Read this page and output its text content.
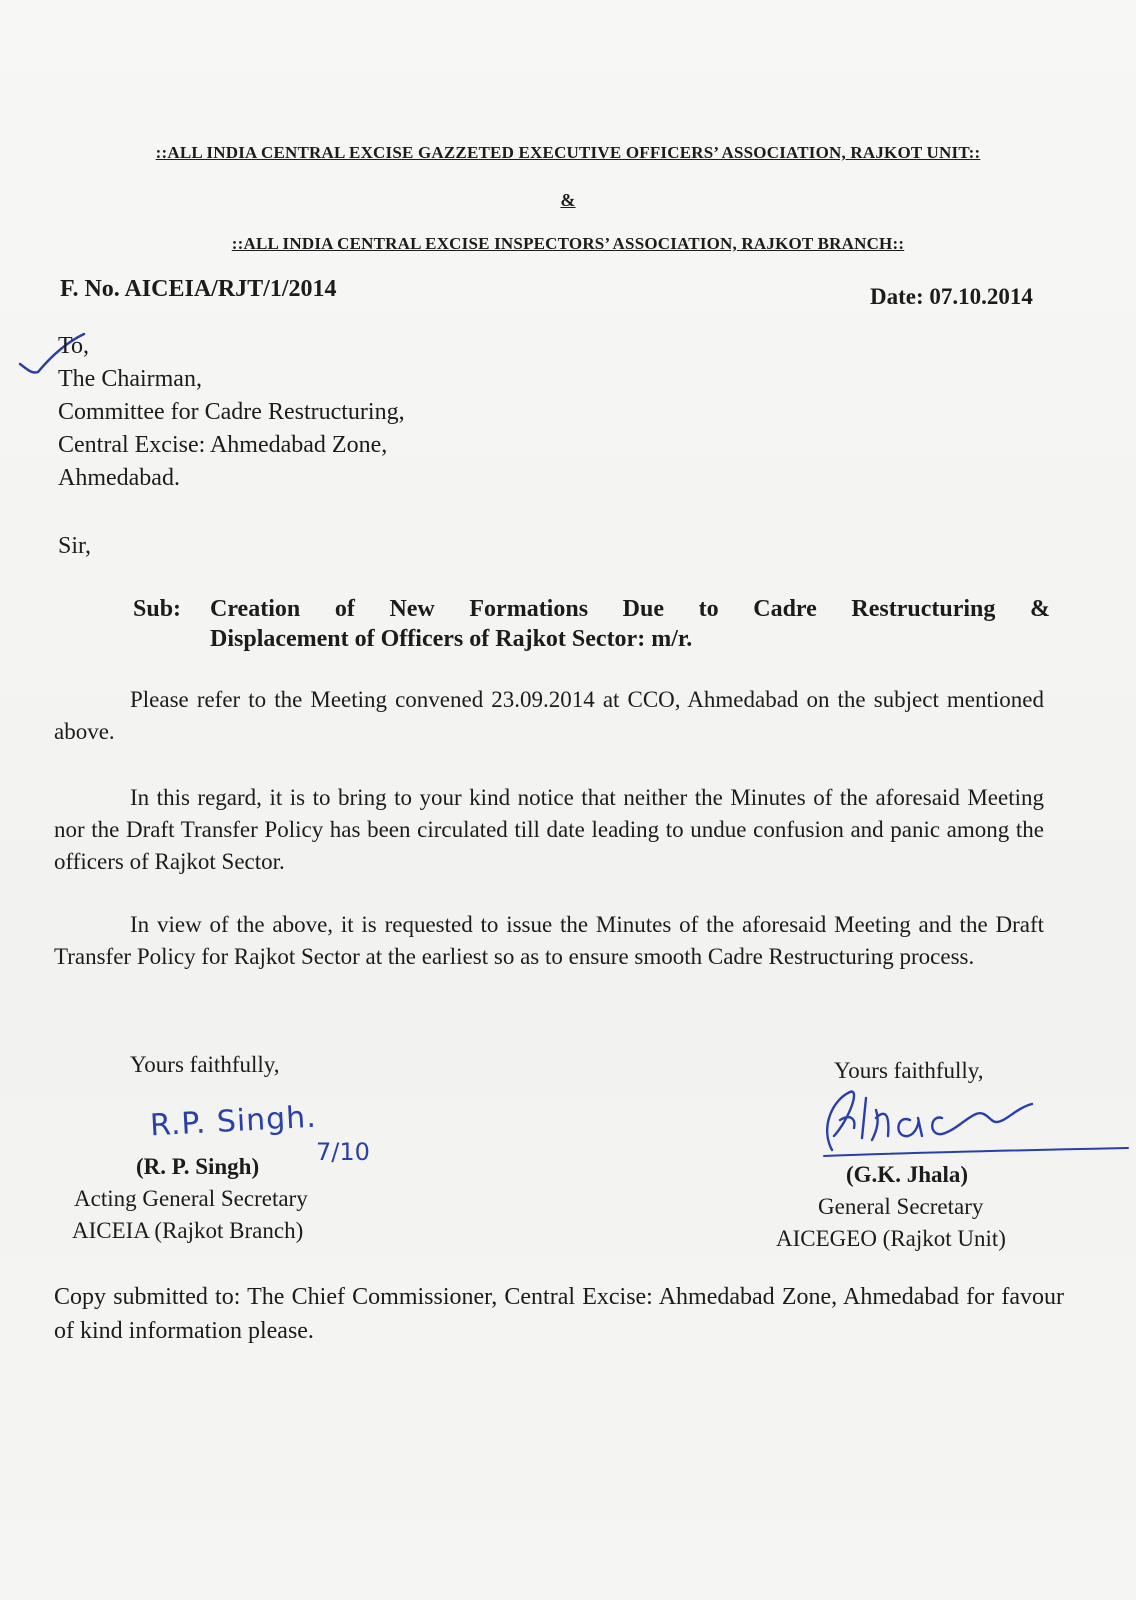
::ALL INDIA CENTRAL EXCISE GAZZETED EXECUTIVE OFFICERS’ ASSOCIATION, RAJKOT UNIT::
&
::ALL INDIA CENTRAL EXCISE INSPECTORS’ ASSOCIATION, RAJKOT BRANCH::
F. No. AICEIA/RJT/1/2014	Date: 07.10.2014
To,
The Chairman,
Committee for Cadre Restructuring,
Central Excise: Ahmedabad Zone,
Ahmedabad.
Sir,
Sub: Creation of New Formations Due to Cadre Restructuring &
Displacement of Officers of Rajkot Sector: m/r.
Please refer to the Meeting convened 23.09.2014 at CCO, Ahmedabad on the subject mentioned above.
In this regard, it is to bring to your kind notice that neither the Minutes of the aforesaid Meeting nor the Draft Transfer Policy has been circulated till date leading to undue confusion and panic among the officers of Rajkot Sector.
In view of the above, it is requested to issue the Minutes of the aforesaid Meeting and the Draft Transfer Policy for Rajkot Sector at the earliest so as to ensure smooth Cadre Restructuring process.
Yours faithfully,
R.P. Singh.
7/10
(R. P. Singh)
Acting General Secretary
AICEIA (Rajkot Branch)
Yours faithfully,
(G.K. Jhala)
General Secretary
AICEGEO (Rajkot Unit)
Copy submitted to: The Chief Commissioner, Central Excise: Ahmedabad Zone, Ahmedabad for favour of kind information please.
